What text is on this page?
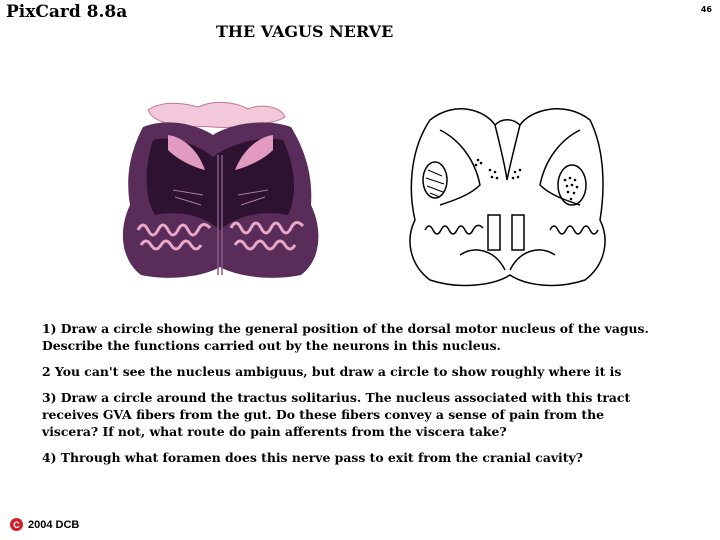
PixCard 8.8a	46
THE VAGUS NERVE

1) Draw a circle showing the general position of the dorsal motor nucleus of the vagus. Describe the functions carried out by the neurons in this nucleus.

2 You can't see the nucleus ambiguus, but draw a circle to show roughly where it is

3) Draw a circle around the tractus solitarius. The nucleus associated with this tract receives GVA fibers from the gut. Do these fibers convey a sense of pain from the viscera? If not, what route do pain afferents from the viscera take?

4) Through what foramen does this nerve pass to exit from the cranial cavity?

C 2004 DCB
